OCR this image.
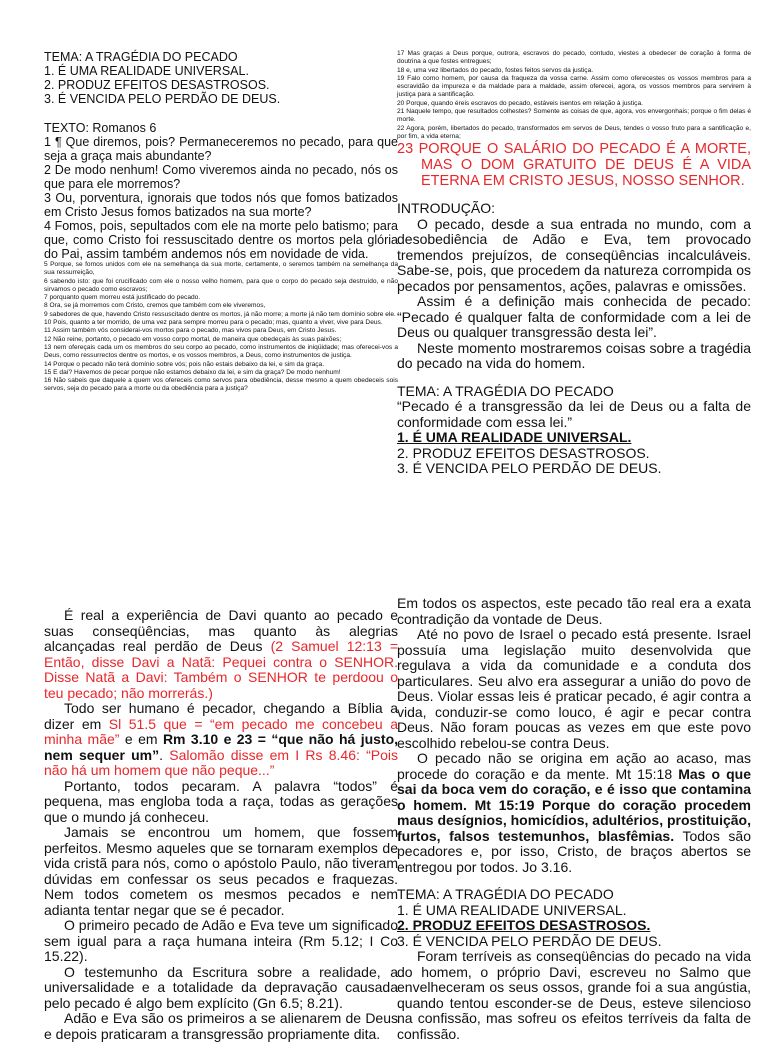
TEMA: A TRAGÉDIA DO PECADO

1. É UMA REALIDADE UNIVERSAL.

2. PRODUZ EFEITOS DESASTROSOS.

3. É VENCIDA PELO PERDÃO DE DEUS.

TEXTO: Romanos 6

1 ¶ Que diremos, pois? Permaneceremos no pecado, para que seja a graça mais abundante?

2 De modo nenhum! Como viveremos ainda no pecado, nós os que para ele morremos?

3 Ou, porventura, ignorais que todos nós que fomos batizados em Cristo Jesus fomos batizados na sua morte?

4 Fomos, pois, sepultados com ele na morte pelo batismo; para que, como Cristo foi ressuscitado dentre os mortos pela glória do Pai, assim também andemos nós em novidade de vida.

5 Porque, se fomos unidos com ele na semelhança da sua morte, certamente, o seremos também na semelhança da sua ressurreição,

6 sabendo isto: que foi crucificado com ele o nosso velho homem, para que o corpo do pecado seja destruído, e não sirvamos o pecado como escravos;

7 porquanto quem morreu está justificado do pecado.

8 Ora, se já morremos com Cristo, cremos que também com ele viveremos,

9 sabedores de que, havendo Cristo ressuscitado dentre os mortos, já não morre; a morte já não tem domínio sobre ele.

10 Pois, quanto a ter morrido, de uma vez para sempre morreu para o pecado; mas, quanto a viver, vive para Deus.

11 Assim também vós considerai-vos mortos para o pecado, mas vivos para Deus, em Cristo Jesus.

12 Não reine, portanto, o pecado em vosso corpo mortal, de maneira que obedeçais às suas paixões;

13 nem ofereçais cada um os membros do seu corpo ao pecado, como instrumentos de iniqüidade; mas oferecei-vos a Deus, como ressurrectos dentre os mortos, e os vossos membros, a Deus, como instrumentos de justiça.

14 Porque o pecado não terá domínio sobre vós; pois não estais debaixo da lei, e sim da graça.

15 E daí? Havemos de pecar porque não estamos debaixo da lei, e sim da graça? De modo nenhum!

16 Não sabeis que daquele a quem vos ofereceis como servos para obediência, desse mesmo a quem obedeceis sois servos, seja do pecado para a morte ou da obediência para a justiça?

17 Mas graças a Deus porque, outrora, escravos do pecado, contudo, viestes a obedecer de coração à forma de doutrina a que fostes entregues;

18 e, uma vez libertados do pecado, fostes feitos servos da justiça.

19 Falo como homem, por causa da fraqueza da vossa carne. Assim como oferecestes os vossos membros para a escravidão da impureza e da maldade para a maldade, assim oferecei, agora, os vossos membros para servirem à justiça para a santificação.

20 Porque, quando éreis escravos do pecado, estáveis isentos em relação à justiça.

21 Naquele tempo, que resultados colhestes? Somente as coisas de que, agora, vos envergonhais; porque o fim delas é morte.

22 Agora, porém, libertados do pecado, transformados em servos de Deus, tendes o vosso fruto para a santificação e, por fim, a vida eterna;

23 PORQUE O SALÁRIO DO PECADO É A MORTE, MAS O DOM GRATUITO DE DEUS É A VIDA ETERNA EM CRISTO JESUS, NOSSO SENHOR.

INTRODUÇÃO:

O pecado, desde a sua entrada no mundo, com a desobediência de Adão e Eva, tem provocado tremendos prejuízos, de conseqüências incalculáveis. Sabe-se, pois, que procedem da natureza corrompida os pecados por pensamentos, ações, palavras e omissões.

Assim é a definição mais conhecida de pecado: “Pecado é qualquer falta de conformidade com a lei de Deus ou qualquer transgressão desta lei”.

Neste momento mostraremos coisas sobre a tragédia do pecado na vida do homem.

TEMA: A TRAGÉDIA DO PECADO

“Pecado é a transgressão da lei de Deus ou a falta de conformidade com essa lei.”

1. É UMA REALIDADE UNIVERSAL.

2. PRODUZ EFEITOS DESASTROSOS.

3. É VENCIDA PELO PERDÃO DE DEUS.

É real a experiência de Davi quanto ao pecado e suas conseqüências, mas quanto às alegrias alcançadas real perdão de Deus (2 Samuel 12:13 = Então, disse Davi a Natã: Pequei contra o SENHOR. Disse Natã a Davi: Também o SENHOR te perdoou o teu pecado; não morrerás.)

Todo ser humano é pecador, chegando a Bíblia a dizer em Sl 51.5 que = “em pecado me concebeu a minha mãe” e em Rm 3.10 e 23 = “que não há justo, nem sequer um”. Salomão disse em I Rs 8.46: “Pois não há um homem que não peque...”

Portanto, todos pecaram. A palavra “todos” é pequena, mas engloba toda a raça, todas as gerações que o mundo já conheceu.

Jamais se encontrou um homem, que fossem perfeitos. Mesmo aqueles que se tornaram exemplos de vida cristã para nós, como o apóstolo Paulo, não tiveram dúvidas em confessar os seus pecados e fraquezas. Nem todos cometem os mesmos pecados e nem adianta tentar negar que se é pecador.

O primeiro pecado de Adão e Eva teve um significado sem igual para a raça humana inteira (Rm 5.12; I Co 15.22).

O testemunho da Escritura sobre a realidade, a universalidade e a totalidade da depravação causada pelo pecado é algo bem explícito (Gn 6.5; 8.21).

Adão e Eva são os primeiros a se alienarem de Deus e depois praticaram a transgressão propriamente dita.

Em todos os aspectos, este pecado tão real era a exata contradição da vontade de Deus.

Até no povo de Israel o pecado está presente. Israel possuía uma legislação muito desenvolvida que regulava a vida da comunidade e a conduta dos particulares. Seu alvo era assegurar a união do povo de Deus. Violar essas leis é praticar pecado, é agir contra a vida, conduzir-se como louco, é agir e pecar contra Deus. Não foram poucas as vezes em que este povo escolhido rebelou-se contra Deus.

O pecado não se origina em ação ao acaso, mas procede do coração e da mente. Mt 15:18 Mas o que sai da boca vem do coração, e é isso que contamina o homem. Mt 15:19 Porque do coração procedem maus desígnios, homicídios, adultérios, prostituição, furtos, falsos testemunhos, blasfêmias. Todos são pecadores e, por isso, Cristo, de braços abertos se entregou por todos. Jo 3.16.

TEMA: A TRAGÉDIA DO PECADO

1. É UMA REALIDADE UNIVERSAL.

2. PRODUZ EFEITOS DESASTROSOS.

3. É VENCIDA PELO PERDÃO DE DEUS.

Foram terríveis as conseqüências do pecado na vida do homem, o próprio Davi, escreveu no Salmo que envelheceram os seus ossos, grande foi a sua angústia, quando tentou esconder-se de Deus, esteve silencioso na confissão, mas sofreu os efeitos terríveis da falta de confissão.
